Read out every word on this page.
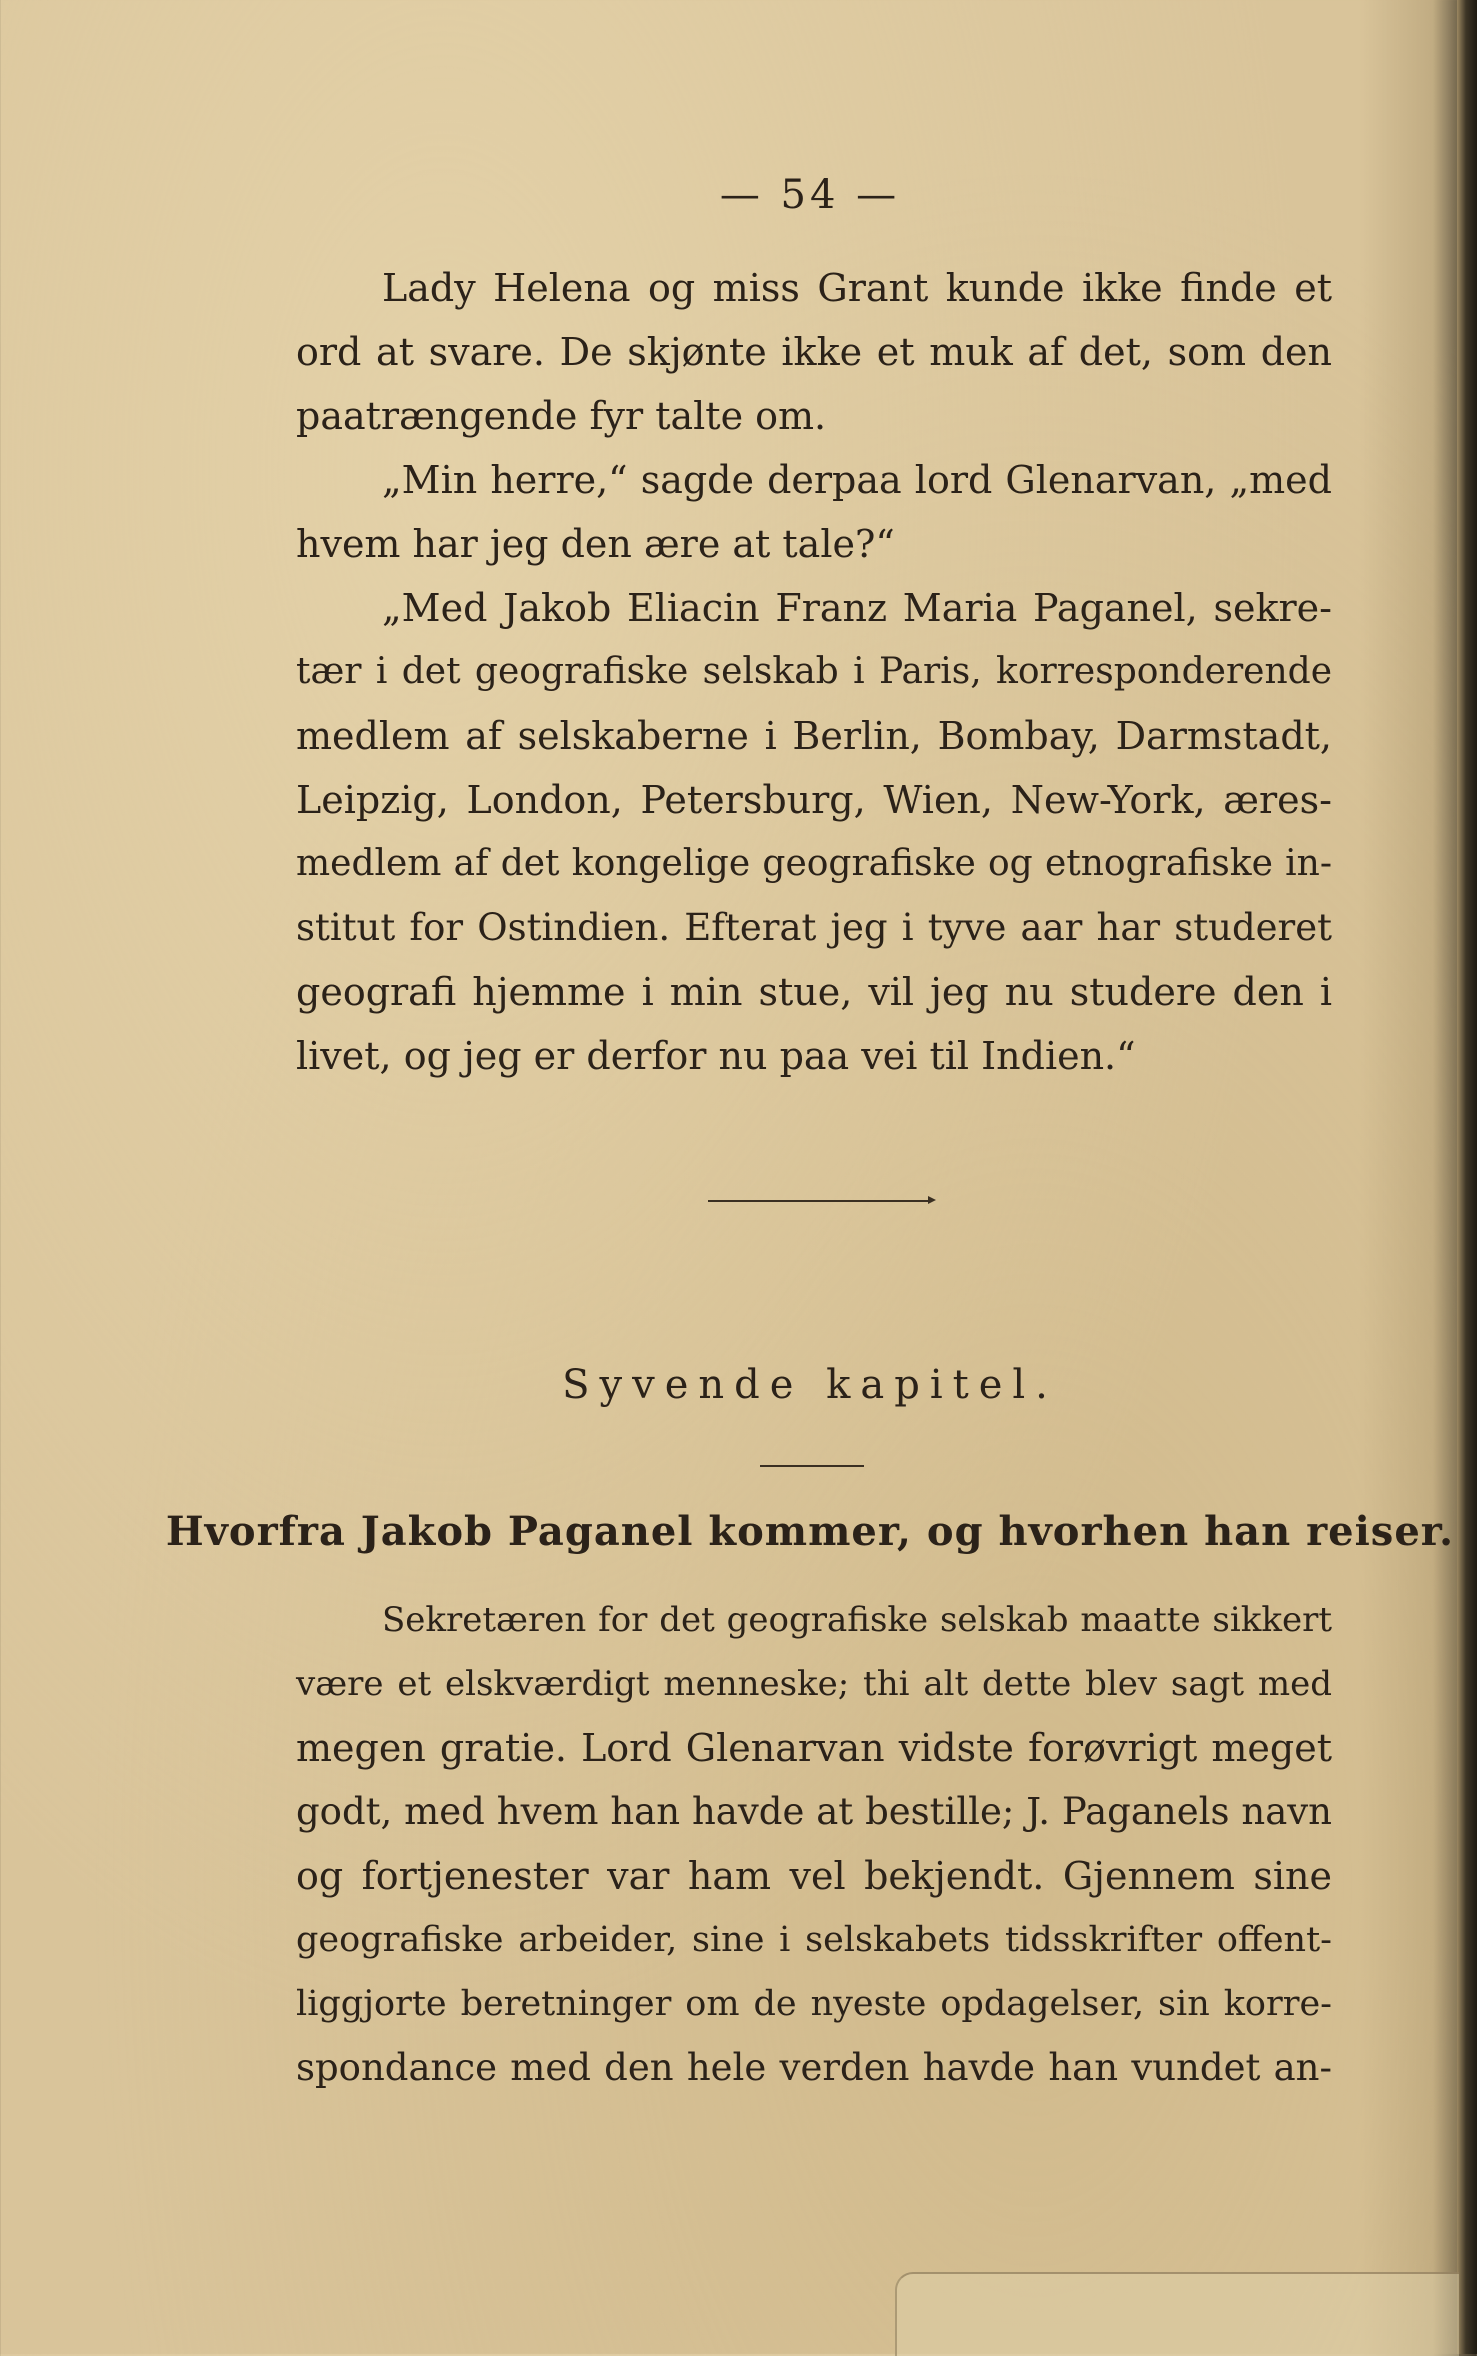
— 54 —
Lady Helena og miss Grant kunde ikke finde et
ord at svare. De skjønte ikke et muk af det, som den
paatrængende fyr talte om.
„Min herre,“ sagde derpaa lord Glenarvan, „med
hvem har jeg den ære at tale?“
„Med Jakob Eliacin Franz Maria Paganel, sekre-
tær i det geografiske selskab i Paris, korresponderende
medlem af selskaberne i Berlin, Bombay, Darmstadt,
Leipzig, London, Petersburg, Wien, New-York, æres-
medlem af det kongelige geografiske og etnografiske in-
stitut for Ostindien. Efterat jeg i tyve aar har studeret
geografi hjemme i min stue, vil jeg nu studere den i
livet, og jeg er derfor nu paa vei til Indien.“
Syvende kapitel.
Hvorfra Jakob Paganel kommer, og hvorhen han reiser.
Sekretæren for det geografiske selskab maatte sikkert
være et elskværdigt menneske; thi alt dette blev sagt med
megen gratie. Lord Glenarvan vidste forøvrigt meget
godt, med hvem han havde at bestille; J. Paganels navn
og fortjenester var ham vel bekjendt. Gjennem sine
geografiske arbeider, sine i selskabets tidsskrifter offent-
liggjorte beretninger om de nyeste opdagelser, sin korre-
spondance med den hele verden havde han vundet an-
